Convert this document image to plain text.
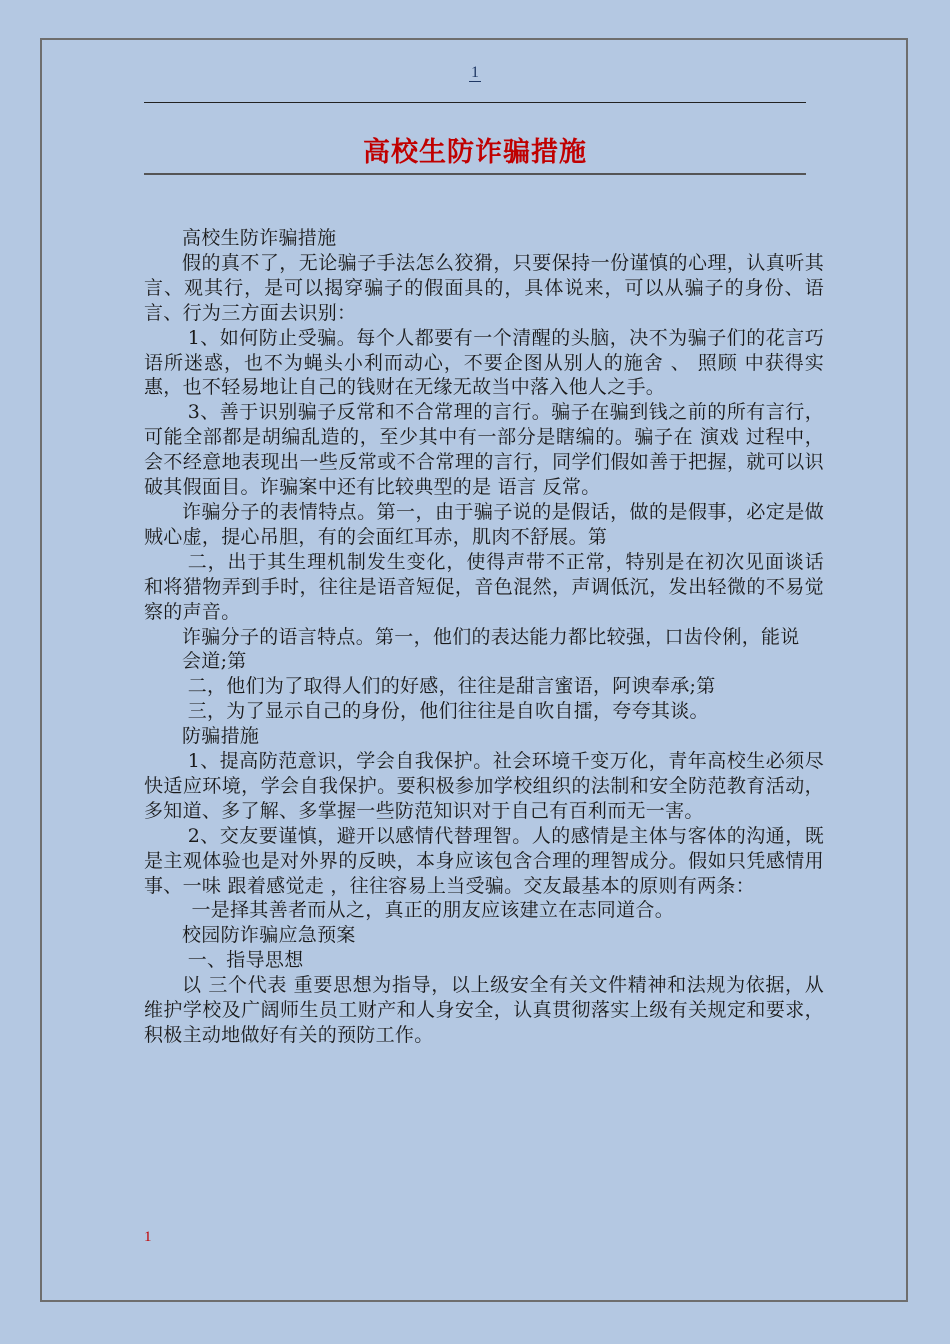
1
高校生防诈骗措施

高校生防诈骗措施

假的真不了，无论骗子手法怎么狡猾，只要保持一份谨慎的心理，认真听其言、观其行，是可以揭穿骗子的假面具的，具体说来，可以从骗子的身份、语言、行为三方面去识别：

1、如何防止受骗。每个人都要有一个清醒的头脑，决不为骗子们的花言巧语所迷惑，也不为蝇头小利而动心，不要企图从别人的施舍 、 照顾 中获得实惠，也不轻易地让自己的钱财在无缘无故当中落入他人之手。

3、善于识别骗子反常和不合常理的言行。骗子在骗到钱之前的所有言行，可能全部都是胡编乱造的，至少其中有一部分是瞎编的。骗子在 演戏 过程中，会不经意地表现出一些反常或不合常理的言行，同学们假如善于把握，就可以识破其假面目。诈骗案中还有比较典型的是 语言 反常。

诈骗分子的表情特点。第一，由于骗子说的是假话，做的是假事，必定是做贼心虚，提心吊胆，有的会面红耳赤，肌肉不舒展。第

二，出于其生理机制发生变化，使得声带不正常，特别是在初次见面谈话和将猎物弄到手时，往往是语音短促，音色混然，声调低沉，发出轻微的不易觉察的声音。

诈骗分子的语言特点。第一，他们的表达能力都比较强，口齿伶俐，能说

会道;第

二，他们为了取得人们的好感，往往是甜言蜜语，阿谀奉承;第

三，为了显示自己的身份，他们往往是自吹自擂，夸夸其谈。

防骗措施

1、提高防范意识，学会自我保护。社会环境千变万化，青年高校生必须尽快适应环境，学会自我保护。要积极参加学校组织的法制和安全防范教育活动，多知道、多了解、多掌握一些防范知识对于自己有百利而无一害。

2、交友要谨慎，避开以感情代替理智。人的感情是主体与客体的沟通，既是主观体验也是对外界的反映，本身应该包含合理的理智成分。假如只凭感情用事、一味 跟着感觉走 ，往往容易上当受骗。交友最基本的原则有两条：

一是择其善者而从之，真正的朋友应该建立在志同道合。

校园防诈骗应急预案

一、指导思想

以 三个代表 重要思想为指导，以上级安全有关文件精神和法规为依据，从维护学校及广阔师生员工财产和人身安全，认真贯彻落实上级有关规定和要求，积极主动地做好有关的预防工作。

1
